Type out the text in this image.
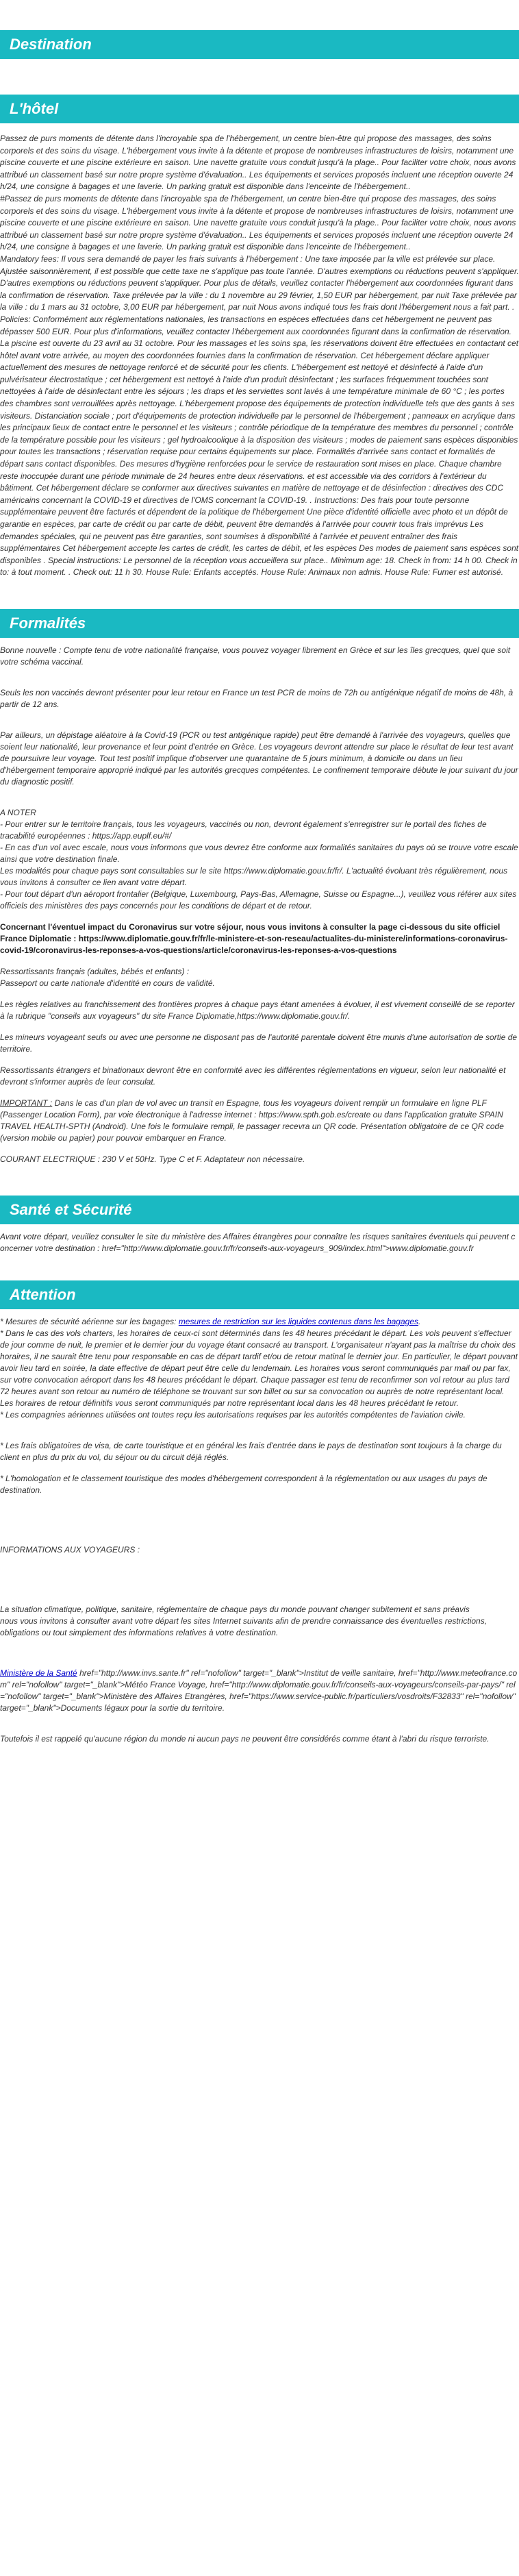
Destination
L'hôtel
Passez de purs moments de détente dans l'incroyable spa de l'hébergement, un centre bien-être qui propose des massages, des soins corporels et des soins du visage. L'hébergement vous invite à la détente et propose de nombreuses infrastructures de loisirs, notamment une piscine couverte et une piscine extérieure en saison. Une navette gratuite vous conduit jusqu'à la plage.. Pour faciliter votre choix, nous avons attribué un classement basé sur notre propre système d'évaluation.. Les équipements et services proposés incluent une réception ouverte 24 h/24, une consigne à bagages et une laverie. Un parking gratuit est disponible dans l'enceinte de l'hébergement..
#Passez de purs moments de détente dans l'incroyable spa de l'hébergement, un centre bien-être qui propose des massages, des soins corporels et des soins du visage. L'hébergement vous invite à la détente et propose de nombreuses infrastructures de loisirs, notamment une piscine couverte et une piscine extérieure en saison. Une navette gratuite vous conduit jusqu'à la plage.. Pour faciliter votre choix, nous avons attribué un classement basé sur notre propre système d'évaluation.. Les équipements et services proposés incluent une réception ouverte 24 h/24, une consigne à bagages et une laverie. Un parking gratuit est disponible dans l'enceinte de l'hébergement..
Mandatory fees: Il vous sera demandé de payer les frais suivants à l'hébergement : Une taxe imposée par la ville est prélevée sur place. Ajustée saisonnièrement, il est possible que cette taxe ne s'applique pas toute l'année. D'autres exemptions ou réductions peuvent s'appliquer. D'autres exemptions ou réductions peuvent s'appliquer. Pour plus de détails, veuillez contacter l'hébergement aux coordonnées figurant dans la confirmation de réservation. Taxe prélevée par la ville : du 1 novembre au 29 février, 1,50 EUR par hébergement, par nuit Taxe prélevée par la ville : du 1 mars au 31 octobre, 3,00 EUR par hébergement, par nuit Nous avons indiqué tous les frais dont l'hébergement nous a fait part. . Policies: Conformément aux réglementations nationales, les transactions en espèces effectuées dans cet hébergement ne peuvent pas dépasser 500 EUR. Pour plus d'informations, veuillez contacter l'hébergement aux coordonnées figurant dans la confirmation de réservation. La piscine est ouverte du 23 avril au 31 octobre. Pour les massages et les soins spa, les réservations doivent être effectuées en contactant cet hôtel avant votre arrivée, au moyen des coordonnées fournies dans la confirmation de réservation. Cet hébergement déclare appliquer actuellement des mesures de nettoyage renforcé et de sécurité pour les clients. L'hébergement est nettoyé et désinfecté à l'aide d'un pulvérisateur électrostatique ; cet hébergement est nettoyé à l'aide d'un produit désinfectant ; les surfaces fréquemment touchées sont nettoyées à l'aide de désinfectant entre les séjours ; les draps et les serviettes sont lavés à une température minimale de 60 °C ; les portes des chambres sont verrouillées après nettoyage. L'hébergement propose des équipements de protection individuelle tels que des gants à ses visiteurs. Distanciation sociale ; port d'équipements de protection individuelle par le personnel de l'hébergement ; panneaux en acrylique dans les principaux lieux de contact entre le personnel et les visiteurs ; contrôle périodique de la température des membres du personnel ; contrôle de la température possible pour les visiteurs ; gel hydroalcoolique à la disposition des visiteurs ; modes de paiement sans espèces disponibles pour toutes les transactions ; réservation requise pour certains équipements sur place. Formalités d'arrivée sans contact et formalités de départ sans contact disponibles. Des mesures d'hygiène renforcées pour le service de restauration sont mises en place. Chaque chambre reste inoccupée durant une période minimale de 24 heures entre deux réservations. et est accessible via des corridors à l'extérieur du bâtiment. Cet hébergement déclare se conformer aux directives suivantes en matière de nettoyage et de désinfection : directives des CDC américains concernant la COVID-19 et directives de l'OMS concernant la COVID-19. . Instructions: Des frais pour toute personne supplémentaire peuvent être facturés et dépendent de la politique de l'hébergement Une pièce d'identité officielle avec photo et un dépôt de garantie en espèces, par carte de crédit ou par carte de débit, peuvent être demandés à l'arrivée pour couvrir tous frais imprévus Les demandes spéciales, qui ne peuvent pas être garanties, sont soumises à disponibilité à l'arrivée et peuvent entraîner des frais supplémentaires Cet hébergement accepte les cartes de crédit, les cartes de débit, et les espèces Des modes de paiement sans espèces sont disponibles . Special instructions: Le personnel de la réception vous accueillera sur place.. Minimum age: 18. Check in from: 14 h 00. Check in to: à tout moment. . Check out: 11 h 30. House Rule: Enfants acceptés. House Rule: Animaux non admis. House Rule: Fumer est autorisé.
Formalités

Bonne nouvelle : Compte tenu de votre nationalité française, vous pouvez voyager librement en Grèce et sur les îles grecques, quel que soit votre schéma vaccinal.

Seuls les non vaccinés devront présenter pour leur retour en France un test PCR de moins de 72h ou antigénique négatif de moins de 48h, à partir de 12 ans.

Par ailleurs, un dépistage aléatoire à la Covid-19 (PCR ou test antigénique rapide) peut être demandé à l'arrivée des voyageurs, quelles que soient leur nationalité, leur provenance et leur point d'entrée en Grèce. Les voyageurs devront attendre sur place le résultat de leur test avant de poursuivre leur voyage. Tout test positif implique d'observer une quarantaine de 5 jours minimum, à domicile ou dans un lieu d'hébergement temporaire approprié indiqué par les autorités grecques compétentes. Le confinement temporaire débute le jour suivant du jour du diagnostic positif.

A NOTER

- Pour entrer sur le territoire français, tous les voyageurs, vaccinés ou non, devront également s'enregistrer sur le portail des fiches de tracabilité européennes : https://app.euplf.eu/#/

- En cas d'un vol avec escale, nous vous informons que vous devrez être conforme aux formalités sanitaires du pays où se trouve votre escale ainsi que votre destination finale.

Les modalités pour chaque pays sont consultables sur le site https://www.diplomatie.gouv.fr/fr/. L'actualité évoluant très régulièrement, nous vous invitons à consulter ce lien avant votre départ.

- Pour tout départ d'un aéroport frontalier (Belgique, Luxembourg, Pays-Bas, Allemagne, Suisse ou Espagne...), veuillez vous référer aux sites officiels des ministères des pays concernés pour les conditions de départ et de retour.

Concernant l'éventuel impact du Coronavirus sur votre séjour, nous vous invitons à consulter la page ci-dessous du site officiel France Diplomatie : https://www.diplomatie.gouv.fr/fr/le-ministere-et-son-reseau/actualites-du-ministere/informations-coronavirus-covid-19/coronavirus-les-reponses-a-vos-questions/article/coronavirus-les-reponses-a-vos-questions

Ressortissants français (adultes, bébés et enfants) :

Passeport ou carte nationale d'identité en cours de validité.

Les règles relatives au franchissement des frontières propres à chaque pays étant amenées à évoluer, il est vivement conseillé de se reporter à la rubrique "conseils aux voyageurs" du site France Diplomatie,https://www.diplomatie.gouv.fr/.

Les mineurs voyageant seuls ou avec une personne ne disposant pas de l'autorité parentale doivent être munis d'une autorisation de sortie de territoire.

Ressortissants étrangers et binationaux devront être en conformité avec les différentes réglementations en vigueur, selon leur nationalité et devront s'informer auprès de leur consulat.

IMPORTANT : Dans le cas d'un plan de vol avec un transit en Espagne, tous les voyageurs doivent remplir un formulaire en ligne PLF (Passenger Location Form), par voie électronique à l'adresse internet : https://www.spth.gob.es/create ou dans l'application gratuite SPAIN TRAVEL HEALTH-SPTH (Android). Une fois le formulaire rempli, le passager recevra un QR code. Présentation obligatoire de ce QR code (version mobile ou papier) pour pouvoir embarquer en France.

COURANT ELECTRIQUE : 230 V et 50Hz. Type C et F. Adaptateur non nécessaire.

Santé et Sécurité

Avant votre départ, veuillez consulter le site du ministère des Affaires étrangères pour connaître les risques sanitaires éventuels qui peuvent concerner votre destination : href="http://www.diplomatie.gouv.fr/fr/conseils-aux-voyageurs_909/index.html">www.diplomatie.gouv.fr

Attention

* Mesures de sécurité aérienne sur les bagages: mesures de restriction sur les liquides contenus dans les bagages.

* Dans le cas des vols charters, les horaires de ceux-ci sont déterminés dans les 48 heures précédant le départ. Les vols peuvent s'effectuer de jour comme de nuit, le premier et le dernier jour du voyage étant consacré au transport. L'organisateur n'ayant pas la maîtrise du choix des horaires, il ne saurait être tenu pour responsable en cas de départ tardif et/ou de retour matinal le dernier jour. En particulier, le départ pouvant avoir lieu tard en soirée, la date effective de départ peut être celle du lendemain. Les horaires vous seront communiqués par mail ou par fax, sur votre convocation aéroport dans les 48 heures précédant le départ. Chaque passager est tenu de reconfirmer son vol retour au plus tard 72 heures avant son retour au numéro de téléphone se trouvant sur son billet ou sur sa convocation ou auprès de notre représentant local. Les horaires de retour définitifs vous seront communiqués par notre représentant local dans les 48 heures précédant le retour.

* Les compagnies aériennes utilisées ont toutes reçu les autorisations requises par les autorités compétentes de l'aviation civile.

* Les frais obligatoires de visa, de carte touristique et en général les frais d'entrée dans le pays de destination sont toujours à la charge du client en plus du prix du vol, du séjour ou du circuit déjà réglés.

* L'homologation et le classement touristique des modes d'hébergement correspondent à la réglementation ou aux usages du pays de destination.

INFORMATIONS AUX VOYAGEURS :

La situation climatique, politique, sanitaire, réglementaire de chaque pays du monde pouvant changer subitement et sans préavis

nous vous invitons à consulter avant votre départ les sites Internet suivants afin de prendre connaissance des éventuelles restrictions, obligations ou tout simplement des informations relatives à votre destination.

Ministère de la Santé href="http://www.invs.sante.fr" rel="nofollow" target="_blank">Institut de veille sanitaire, href="http://www.meteofrance.com" rel="nofollow" target="_blank">Météo France Voyage, href="http://www.diplomatie.gouv.fr/fr/conseils-aux-voyageurs/conseils-par-pays/" rel="nofollow" target="_blank">Ministère des Affaires Etrangères, href="https://www.service-public.fr/particuliers/vosdroits/F32833" rel="nofollow" target="_blank">Documents légaux pour la sortie du territoire.

Toutefois il est rappelé qu'aucune région du monde ni aucun pays ne peuvent être considérés comme étant à l'abri du risque terroriste.
